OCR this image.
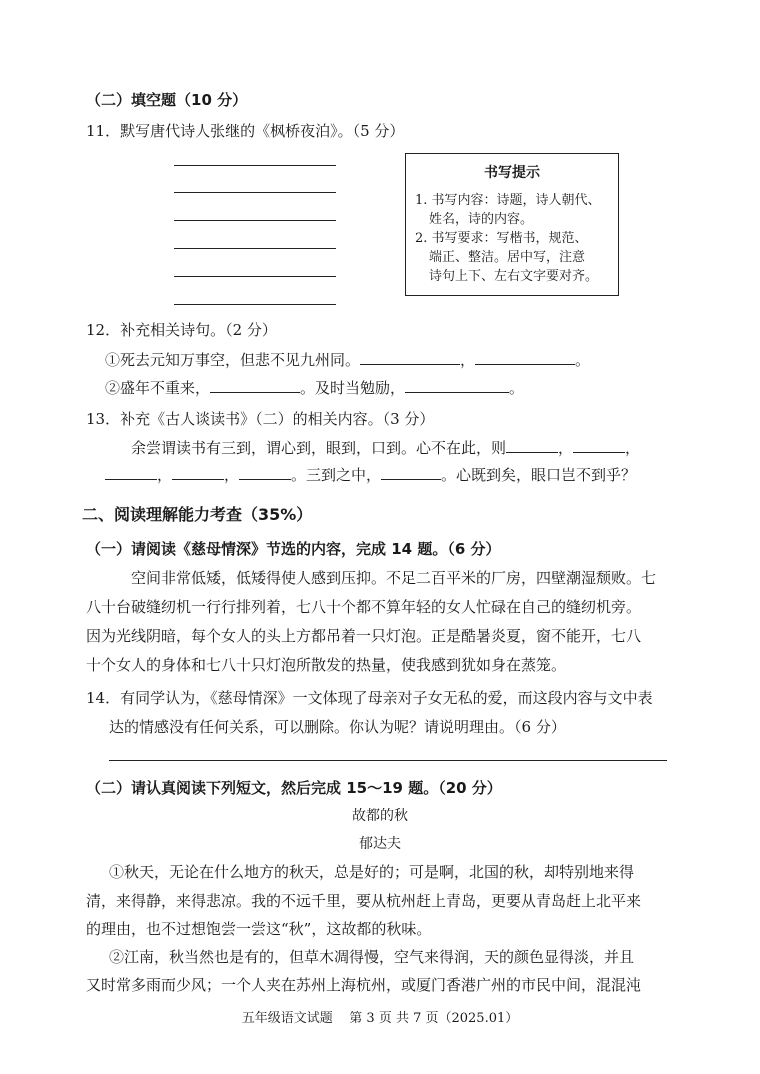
（二）填空题（10 分）
11．默写唐代诗人张继的《枫桥夜泊》。（5 分）
书写提示
1. 书写内容：诗题，诗人朝代、
姓名，诗的内容。
2. 书写要求：写楷书，规范、
端正、整洁。居中写，注意
诗句上下、左右文字要对齐。
12．补充相关诗句。（2 分）
①死去元知万事空，但悲不见九州同。	，	。
②盛年不重来，	。及时当勉励，	。
13．补充《古人谈读书》（二）的相关内容。（3 分）
余尝谓读书有三到，谓心到，眼到，口到。心不在此，则	，	，
，	，	。三到之中，	。心既到矣，眼口岂不到乎？
二、阅读理解能力考查（35%）
（一）请阅读《慈母情深》节选的内容，完成 14 题。（6 分）
空间非常低矮，低矮得使人感到压抑。不足二百平米的厂房，四壁潮湿颓败。七
八十台破缝纫机一行行排列着，七八十个都不算年轻的女人忙碌在自己的缝纫机旁。
因为光线阴暗，每个女人的头上方都吊着一只灯泡。正是酷暑炎夏，窗不能开，七八
十个女人的身体和七八十只灯泡所散发的热量，使我感到犹如身在蒸笼。
14．有同学认为，《慈母情深》一文体现了母亲对子女无私的爱，而这段内容与文中表
达的情感没有任何关系，可以删除。你认为呢？请说明理由。（6 分）
（二）请认真阅读下列短文，然后完成 15～19 题。（20 分）
故都的秋
郁达夫
①秋天，无论在什么地方的秋天，总是好的；可是啊，北国的秋，却特别地来得
清，来得静，来得悲凉。我的不远千里，要从杭州赶上青岛，更要从青岛赶上北平来
的理由，也不过想饱尝一尝这“秋”，这故都的秋味。
②江南，秋当然也是有的，但草木凋得慢，空气来得润，天的颜色显得淡，并且
又时常多雨而少风；一个人夹在苏州上海杭州，或厦门香港广州的市民中间，混混沌
五年级语文试题    第 3 页 共 7 页（2025.01）
